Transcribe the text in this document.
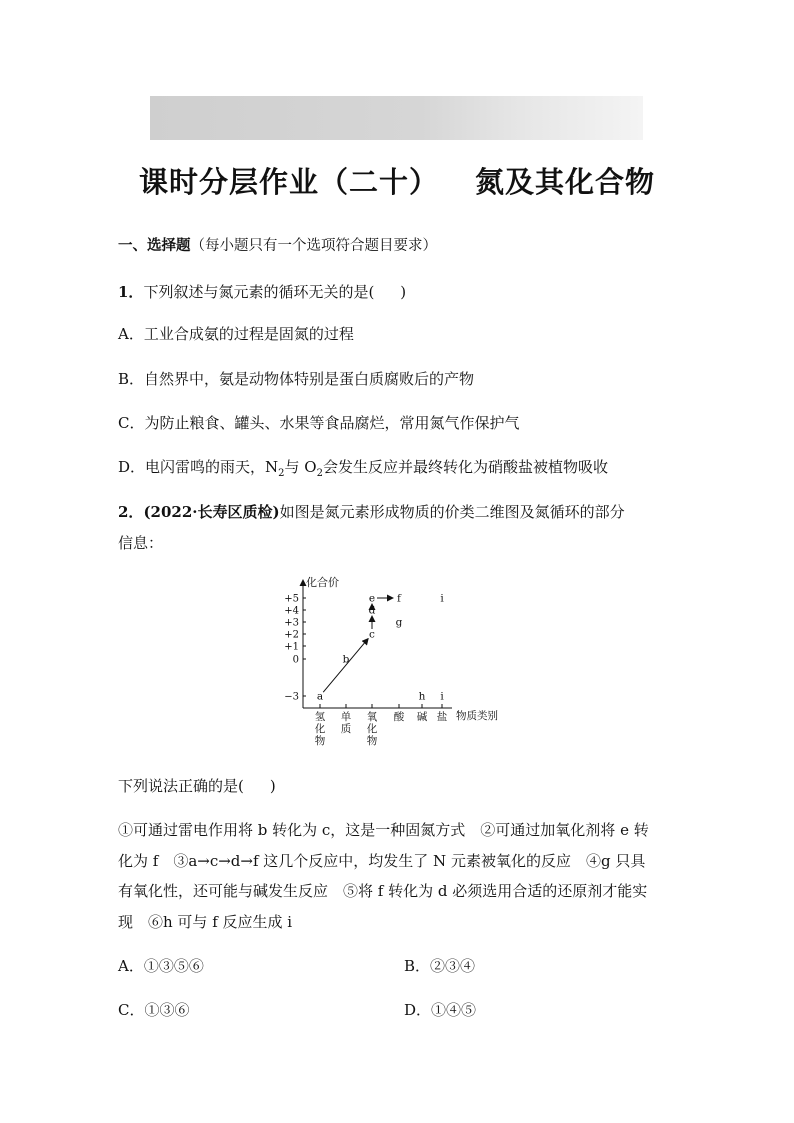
课时分层作业（二十） 氮及其化合物
一、选择题（每小题只有一个选项符合题目要求）
1．下列叙述与氮元素的循环无关的是( )
A．工业合成氨的过程是固氮的过程
B．自然界中，氨是动物体特别是蛋白质腐败后的产物
C．为防止粮食、罐头、水果等食品腐烂，常用氮气作保护气
D．电闪雷鸣的雨天，$N_2$与 $O_2$会发生反应并最终转化为硝酸盐被植物吸收
2．(2022·长寿区质检)如图是氮元素形成物质的价类二维图及氮循环的部分
信息：
化合价
物质类别
+5
+4
+3
+2
+1
0
−3
氢化物
单质
氧化物
酸 碱 盐
a
b
c
d
e f
g
h i
i
下列说法正确的是( )
①可通过雷电作用将 b 转化为 c，这是一种固氮方式　②可通过加氧化剂将 e 转
化为 f　③a→c→d→f 这几个反应中，均发生了 N 元素被氧化的反应　④g 只具
有氧化性，还可能与碱发生反应　⑤将 f 转化为 d 必须选用合适的还原剂才能实
现　⑥h 可与 f 反应生成 i
A．①③⑤⑥	B．②③④
C．①③⑥	D．①④⑤
